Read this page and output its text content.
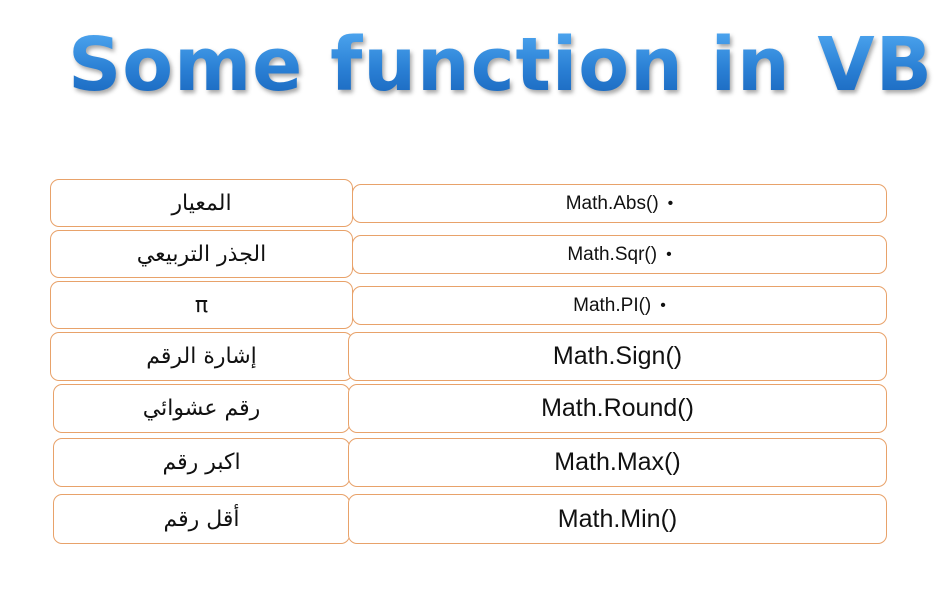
Some function in VB
المعيار	Math.Abs() •
الجذر التربيعي	Math.Sqr() •
π	Math.PI() •
إشارة الرقم	Math.Sign()
رقم عشوائي	Math.Round()
اكبر رقم	Math.Max()
أقل رقم	Math.Min()
